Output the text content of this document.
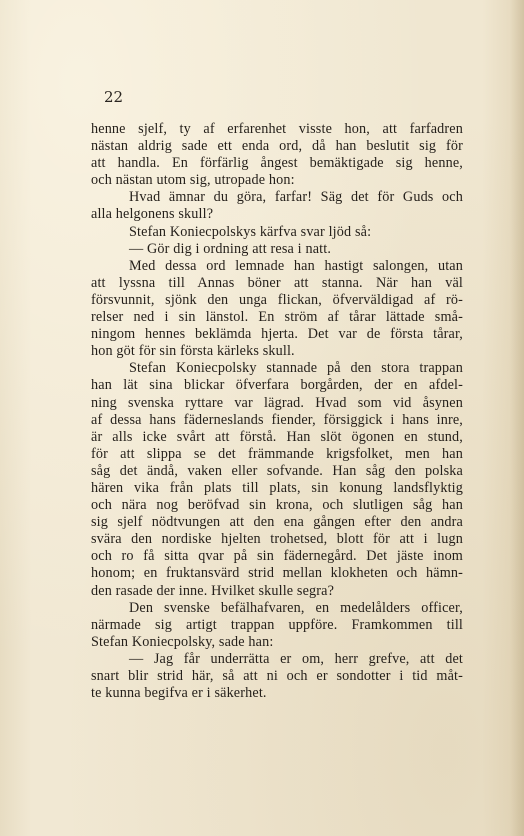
22
henne sjelf, ty af erfarenhet visste hon, att farfadren
nästan aldrig sade ett enda ord, då han beslutit sig för
att handla. En förfärlig ångest bemäktigade sig henne,
och nästan utom sig, utropade hon:
Hvad ämnar du göra, farfar! Säg det för Guds och
alla helgonens skull?
Stefan Koniecpolskys kärfva svar ljöd så:
— Gör dig i ordning att resa i natt.
Med dessa ord lemnade han hastigt salongen, utan
att lyssna till Annas böner att stanna. När han väl
försvunnit, sjönk den unga flickan, öfverväldigad af rö-
relser ned i sin länstol. En ström af tårar lättade små-
ningom hennes beklämda hjerta. Det var de första tårar,
hon göt för sin första kärleks skull.
Stefan Koniecpolsky stannade på den stora trappan
han lät sina blickar öfverfara borgården, der en afdel-
ning svenska ryttare var lägrad. Hvad som vid åsynen
af dessa hans fäderneslands fiender, försiggick i hans inre,
är alls icke svårt att förstå. Han slöt ögonen en stund,
för att slippa se det främmande krigsfolket, men han
såg det ändå, vaken eller sofvande. Han såg den polska
hären vika från plats till plats, sin konung landsflyktig
och nära nog beröfvad sin krona, och slutligen såg han
sig sjelf nödtvungen att den ena gången efter den andra
svära den nordiske hjelten trohetsed, blott för att i lugn
och ro få sitta qvar på sin fädernegård. Det jäste inom
honom; en fruktansvärd strid mellan klokheten och hämn-
den rasade der inne. Hvilket skulle segra?
Den svenske befälhafvaren, en medelålders officer,
närmade sig artigt trappan uppföre. Framkommen till
Stefan Koniecpolsky, sade han:
— Jag får underrätta er om, herr grefve, att det
snart blir strid här, så att ni och er sondotter i tid måt-
te kunna begifva er i säkerhet.
